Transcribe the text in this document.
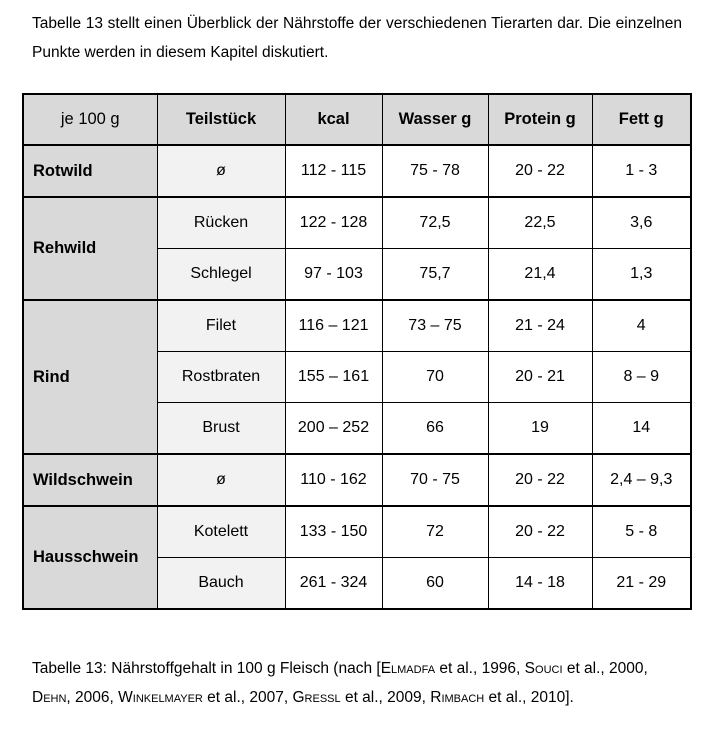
Tabelle 13 stellt einen Überblick der Nährstoffe der verschiedenen Tierarten dar. Die einzelnen Punkte werden in diesem Kapitel diskutiert.

je 100 g	Teilstück	kcal	Wasser g	Protein g	Fett g
Rotwild	ø	112 - 115	75 - 78	20 - 22	1 - 3
Rehwild	Rücken	122 - 128	72,5	22,5	3,6
	Schlegel	97 - 103	75,7	21,4	1,3
Rind	Filet	116 – 121	73 – 75	21 - 24	4
	Rostbraten	155 – 161	70	20 - 21	8 – 9
	Brust	200 – 252	66	19	14
Wildschwein	ø	110 - 162	70 - 75	20 - 22	2,4 – 9,3
Hausschwein	Kotelett	133 - 150	72	20 - 22	5 - 8
	Bauch	261 - 324	60	14 - 18	21 - 29

Tabelle 13: Nährstoffgehalt in 100 g Fleisch (nach [Elmadfa et al., 1996, Souci et al., 2000, Dehn, 2006, Winkelmayer et al., 2007, Greßl et al., 2009, Rimbach et al., 2010].
